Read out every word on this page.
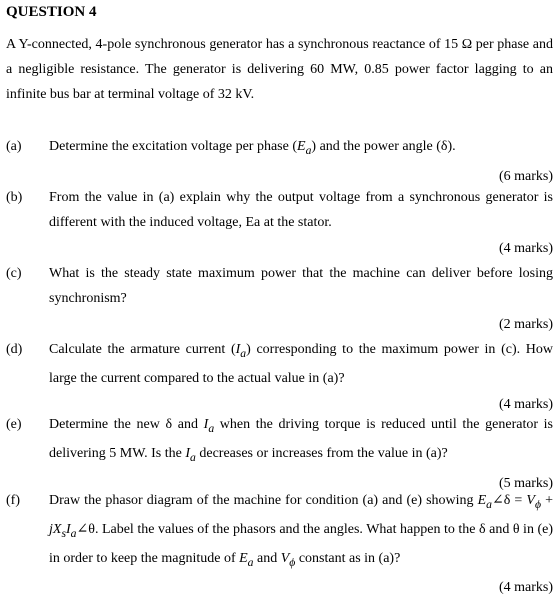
QUESTION 4
A Y-connected, 4-pole synchronous generator has a synchronous reactance of 15 Ω per phase and a negligible resistance. The generator is delivering 60 MW, 0.85 power factor lagging to an infinite bus bar at terminal voltage of 32 kV.
(a) Determine the excitation voltage per phase $(E_a)$ and the power angle (δ).
(6 marks)
(b) From the value in (a) explain why the output voltage from a synchronous generator is different with the induced voltage, Ea at the stator.
(4 marks)
(c) What is the steady state maximum power that the machine can deliver before losing synchronism?
(2 marks)
(d) Calculate the armature current $(I_a)$ corresponding to the maximum power in (c). How large the current compared to the actual value in (a)?
(4 marks)
(e) Determine the new δ and $I_a$ when the driving torque is reduced until the generator is delivering 5 MW. Is the $I_a$ decreases or increases from the value in (a)?
(5 marks)
(f) Draw the phasor diagram of the machine for condition (a) and (e) showing $E_a\angle\delta = V_\phi$ + $jX_sI_a\angle\theta$. Label the values of the phasors and the angles. What happen to the δ and θ in (e) in order to keep the magnitude of $E_a$ and $V_\phi$ constant as in (a)?
(4 marks)
